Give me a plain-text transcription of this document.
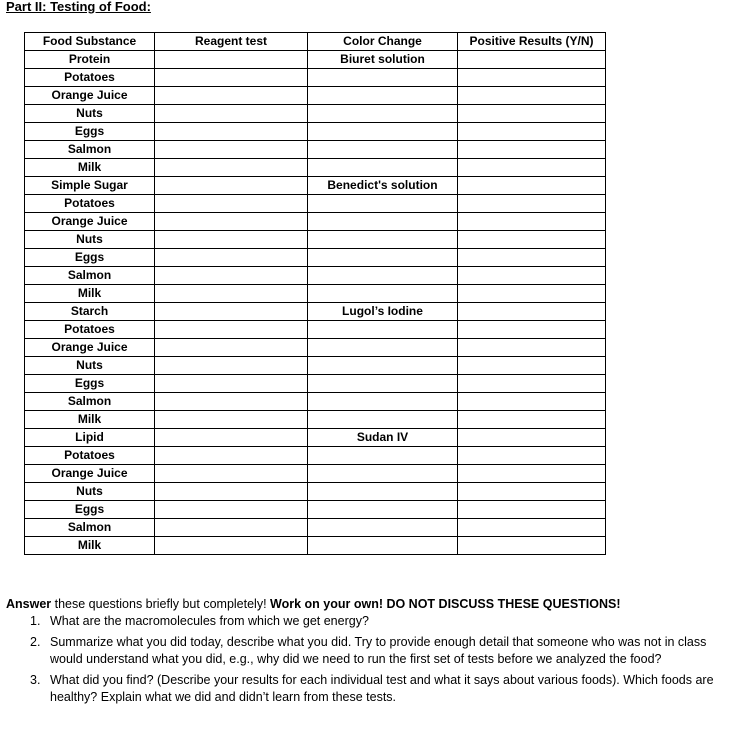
Part II: Testing of Food:
Food Substance	Reagent test	Color Change	Positive Results (Y/N)
Protein		Biuret solution	
Potatoes			
Orange Juice			
Nuts			
Eggs			
Salmon			
Milk			
Simple Sugar		Benedict's solution	
Potatoes			
Orange Juice			
Nuts			
Eggs			
Salmon			
Milk			
Starch		Lugol’s Iodine	
Potatoes			
Orange Juice			
Nuts			
Eggs			
Salmon			
Milk			
Lipid		Sudan IV	
Potatoes			
Orange Juice			
Nuts			
Eggs			
Salmon			
Milk			

Answer these questions briefly but completely! Work on your own! DO NOT DISCUSS THESE QUESTIONS!

1. What are the macromolecules from which we get energy?
2. Summarize what you did today, describe what you did. Try to provide enough detail that someone who was not in class would understand what you did, e.g., why did we need to run the first set of tests before we analyzed the food?
3. What did you find? (Describe your results for each individual test and what it says about various foods). Which foods are healthy? Explain what we did and didn’t learn from these tests.
